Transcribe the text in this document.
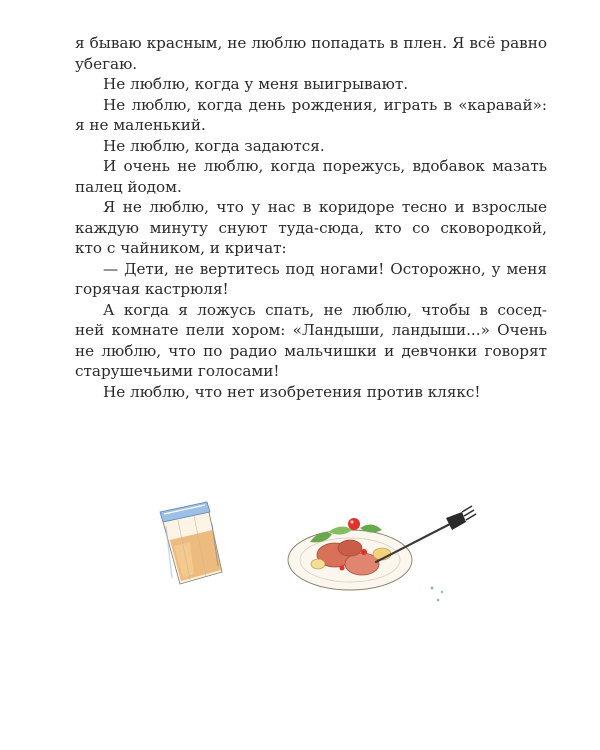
я бываю красным, не люблю попадать в плен. Я всё равно
убегаю.
Не люблю, когда у меня выигрывают.
Не люблю, когда день рождения, играть в «каравай»:
я не маленький.
Не люблю, когда задаются.
И очень не люблю, когда порежусь, вдобавок мазать
палец йодом.
Я не люблю, что у нас в коридоре тесно и взрослые
каждую минуту снуют туда-сюда, кто со сковородкой,
кто с чайником, и кричат:
— Дети, не вертитесь под ногами! Осторожно, у меня
горячая кастрюля!
А когда я ложусь спать, не люблю, чтобы в сосед-
ней комнате пели хором: «Ландыши, ландыши...» Очень
не люблю, что по радио мальчишки и девчонки говорят
старушечьими голосами!
Не люблю, что нет изобретения против клякс!
